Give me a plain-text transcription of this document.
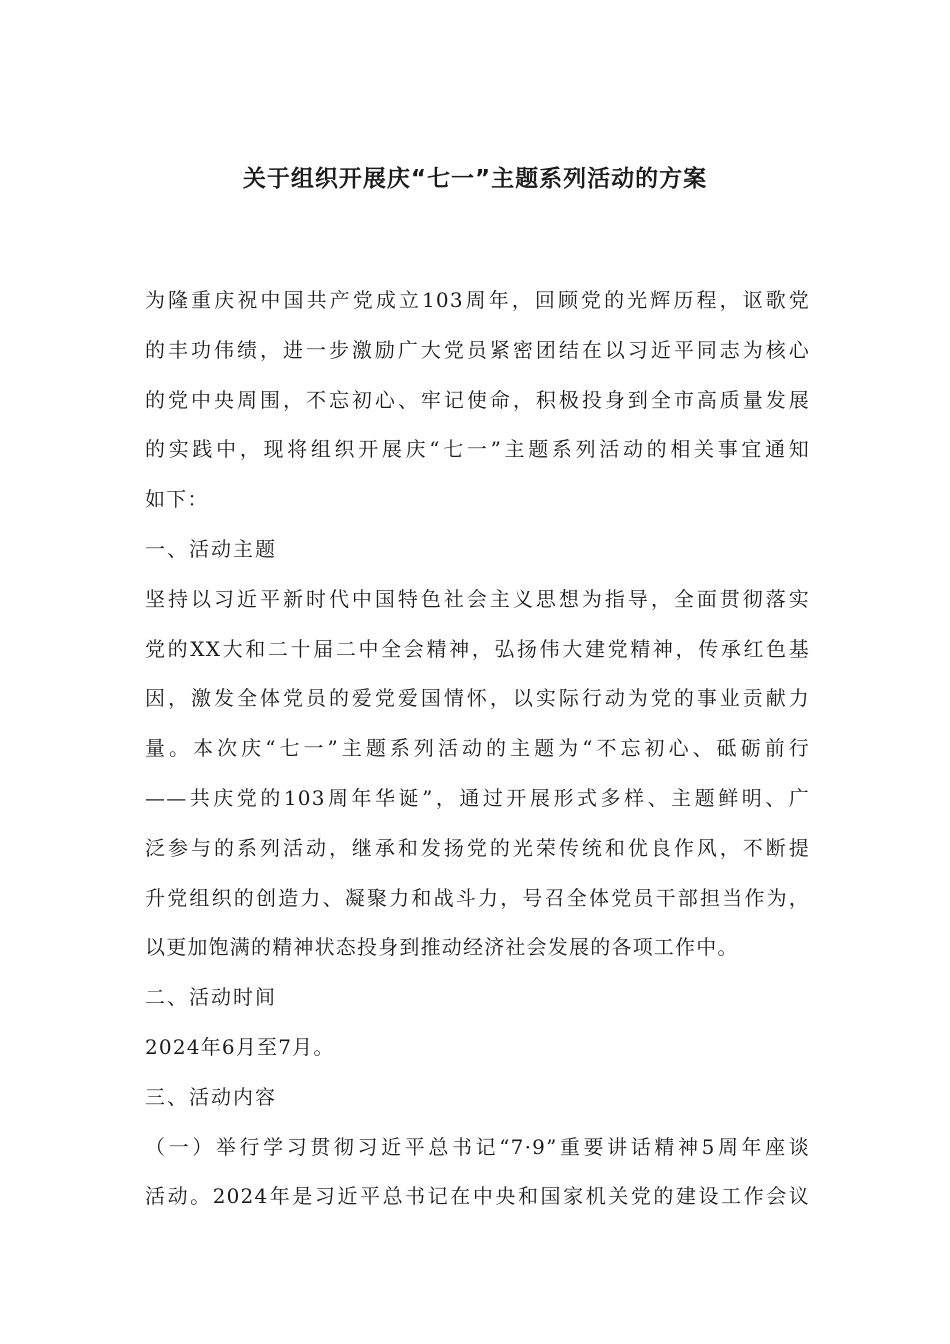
关于组织开展庆“七一”主题系列活动的方案
为隆重庆祝中国共产党成立103周年，回顾党的光辉历程，讴歌党
的丰功伟绩，进一步激励广大党员紧密团结在以习近平同志为核心
的党中央周围，不忘初心、牢记使命，积极投身到全市高质量发展
的实践中，现将组织开展庆“七一”主题系列活动的相关事宜通知
如下：
一、活动主题
坚持以习近平新时代中国特色社会主义思想为指导，全面贯彻落实
党的XX大和二十届二中全会精神，弘扬伟大建党精神，传承红色基
因，激发全体党员的爱党爱国情怀，以实际行动为党的事业贡献力
量。本次庆“七一”主题系列活动的主题为“不忘初心、砥砺前行
——共庆党的103周年华诞”，通过开展形式多样、主题鲜明、广
泛参与的系列活动，继承和发扬党的光荣传统和优良作风，不断提
升党组织的创造力、凝聚力和战斗力，号召全体党员干部担当作为，
以更加饱满的精神状态投身到推动经济社会发展的各项工作中。
二、活动时间
2024年6月至7月。
三、活动内容
（一）举行学习贯彻习近平总书记“7·9”重要讲话精神5周年座谈
活动。2024年是习近平总书记在中央和国家机关党的建设工作会议
